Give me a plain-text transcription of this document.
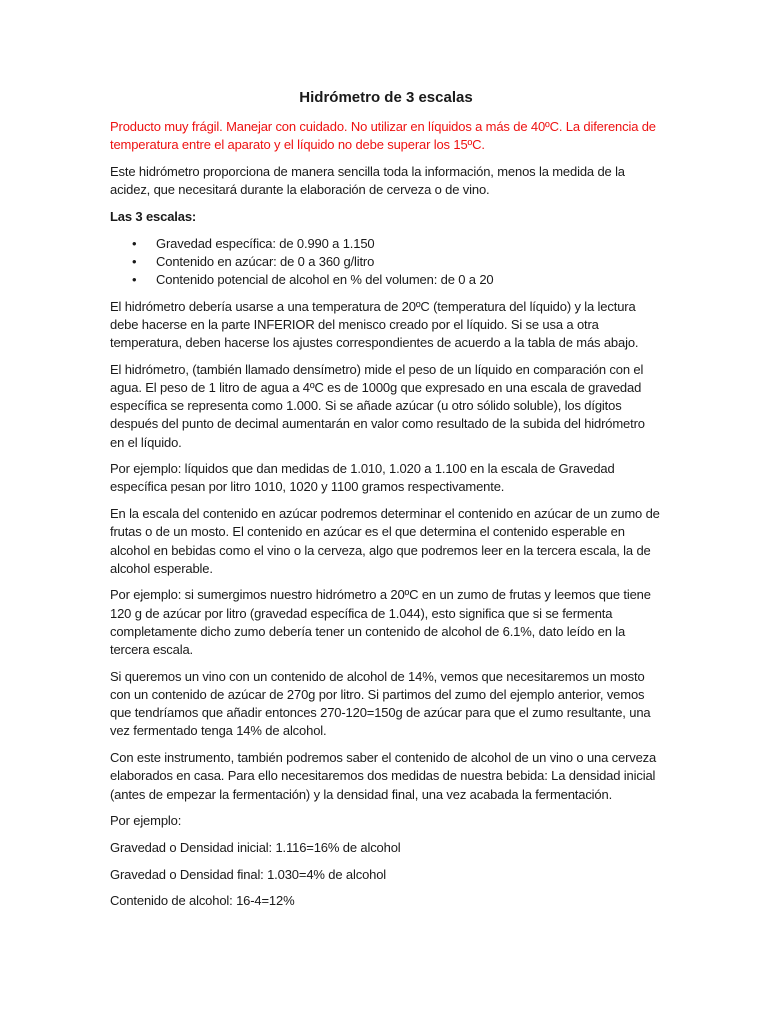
Hidrómetro de 3 escalas

Producto muy frágil. Manejar con cuidado. No utilizar en líquidos a más de 40ºC. La diferencia de temperatura entre el aparato y el líquido no debe superar los 15ºC.

Este hidrómetro proporciona de manera sencilla toda la información, menos la medida de la acidez, que necesitará durante la elaboración de cerveza o de vino.

Las 3 escalas:

• Gravedad específica: de 0.990 a 1.150
• Contenido en azúcar: de 0 a 360 g/litro
• Contenido potencial de alcohol en % del volumen: de 0 a 20

El hidrómetro debería usarse a una temperatura de 20ºC (temperatura del líquido) y la lectura debe hacerse en la parte INFERIOR del menisco creado por el líquido. Si se usa a otra temperatura, deben hacerse los ajustes correspondientes de acuerdo a la tabla de más abajo.

El hidrómetro, (también llamado densímetro) mide el peso de un líquido en comparación con el agua. El peso de 1 litro de agua a 4ºC es de 1000g que expresado en una escala de gravedad específica se representa como 1.000. Si se añade azúcar (u otro sólido soluble), los dígitos después del punto de decimal aumentarán en valor como resultado de la subida del hidrómetro en el líquido.

Por ejemplo: líquidos que dan medidas de 1.010, 1.020 a 1.100 en la escala de Gravedad específica pesan por litro 1010, 1020 y 1100 gramos respectivamente.

En la escala del contenido en azúcar podremos determinar el contenido en azúcar de un zumo de frutas o de un mosto. El contenido en azúcar es el que determina el contenido esperable en alcohol en bebidas como el vino o la cerveza, algo que podremos leer en la tercera escala, la de alcohol esperable.

Por ejemplo: si sumergimos nuestro hidrómetro a 20ºC en un zumo de frutas y leemos que tiene 120 g de azúcar por litro (gravedad específica de 1.044), esto significa que si se fermenta completamente dicho zumo debería tener un contenido de alcohol de 6.1%, dato leído en la tercera escala.

Si queremos un vino con un contenido de alcohol de 14%, vemos que necesitaremos un mosto con un contenido de azúcar de 270g por litro. Si partimos del zumo del ejemplo anterior, vemos que tendríamos que añadir entonces 270-120=150g de azúcar para que el zumo resultante, una vez fermentado tenga 14% de alcohol.

Con este instrumento, también podremos saber el contenido de alcohol de un vino o una cerveza elaborados en casa. Para ello necesitaremos dos medidas de nuestra bebida: La densidad inicial (antes de empezar la fermentación) y la densidad final, una vez acabada la fermentación.

Por ejemplo:

Gravedad o Densidad inicial: 1.116=16% de alcohol

Gravedad o Densidad final: 1.030=4% de alcohol

Contenido de alcohol: 16-4=12%
